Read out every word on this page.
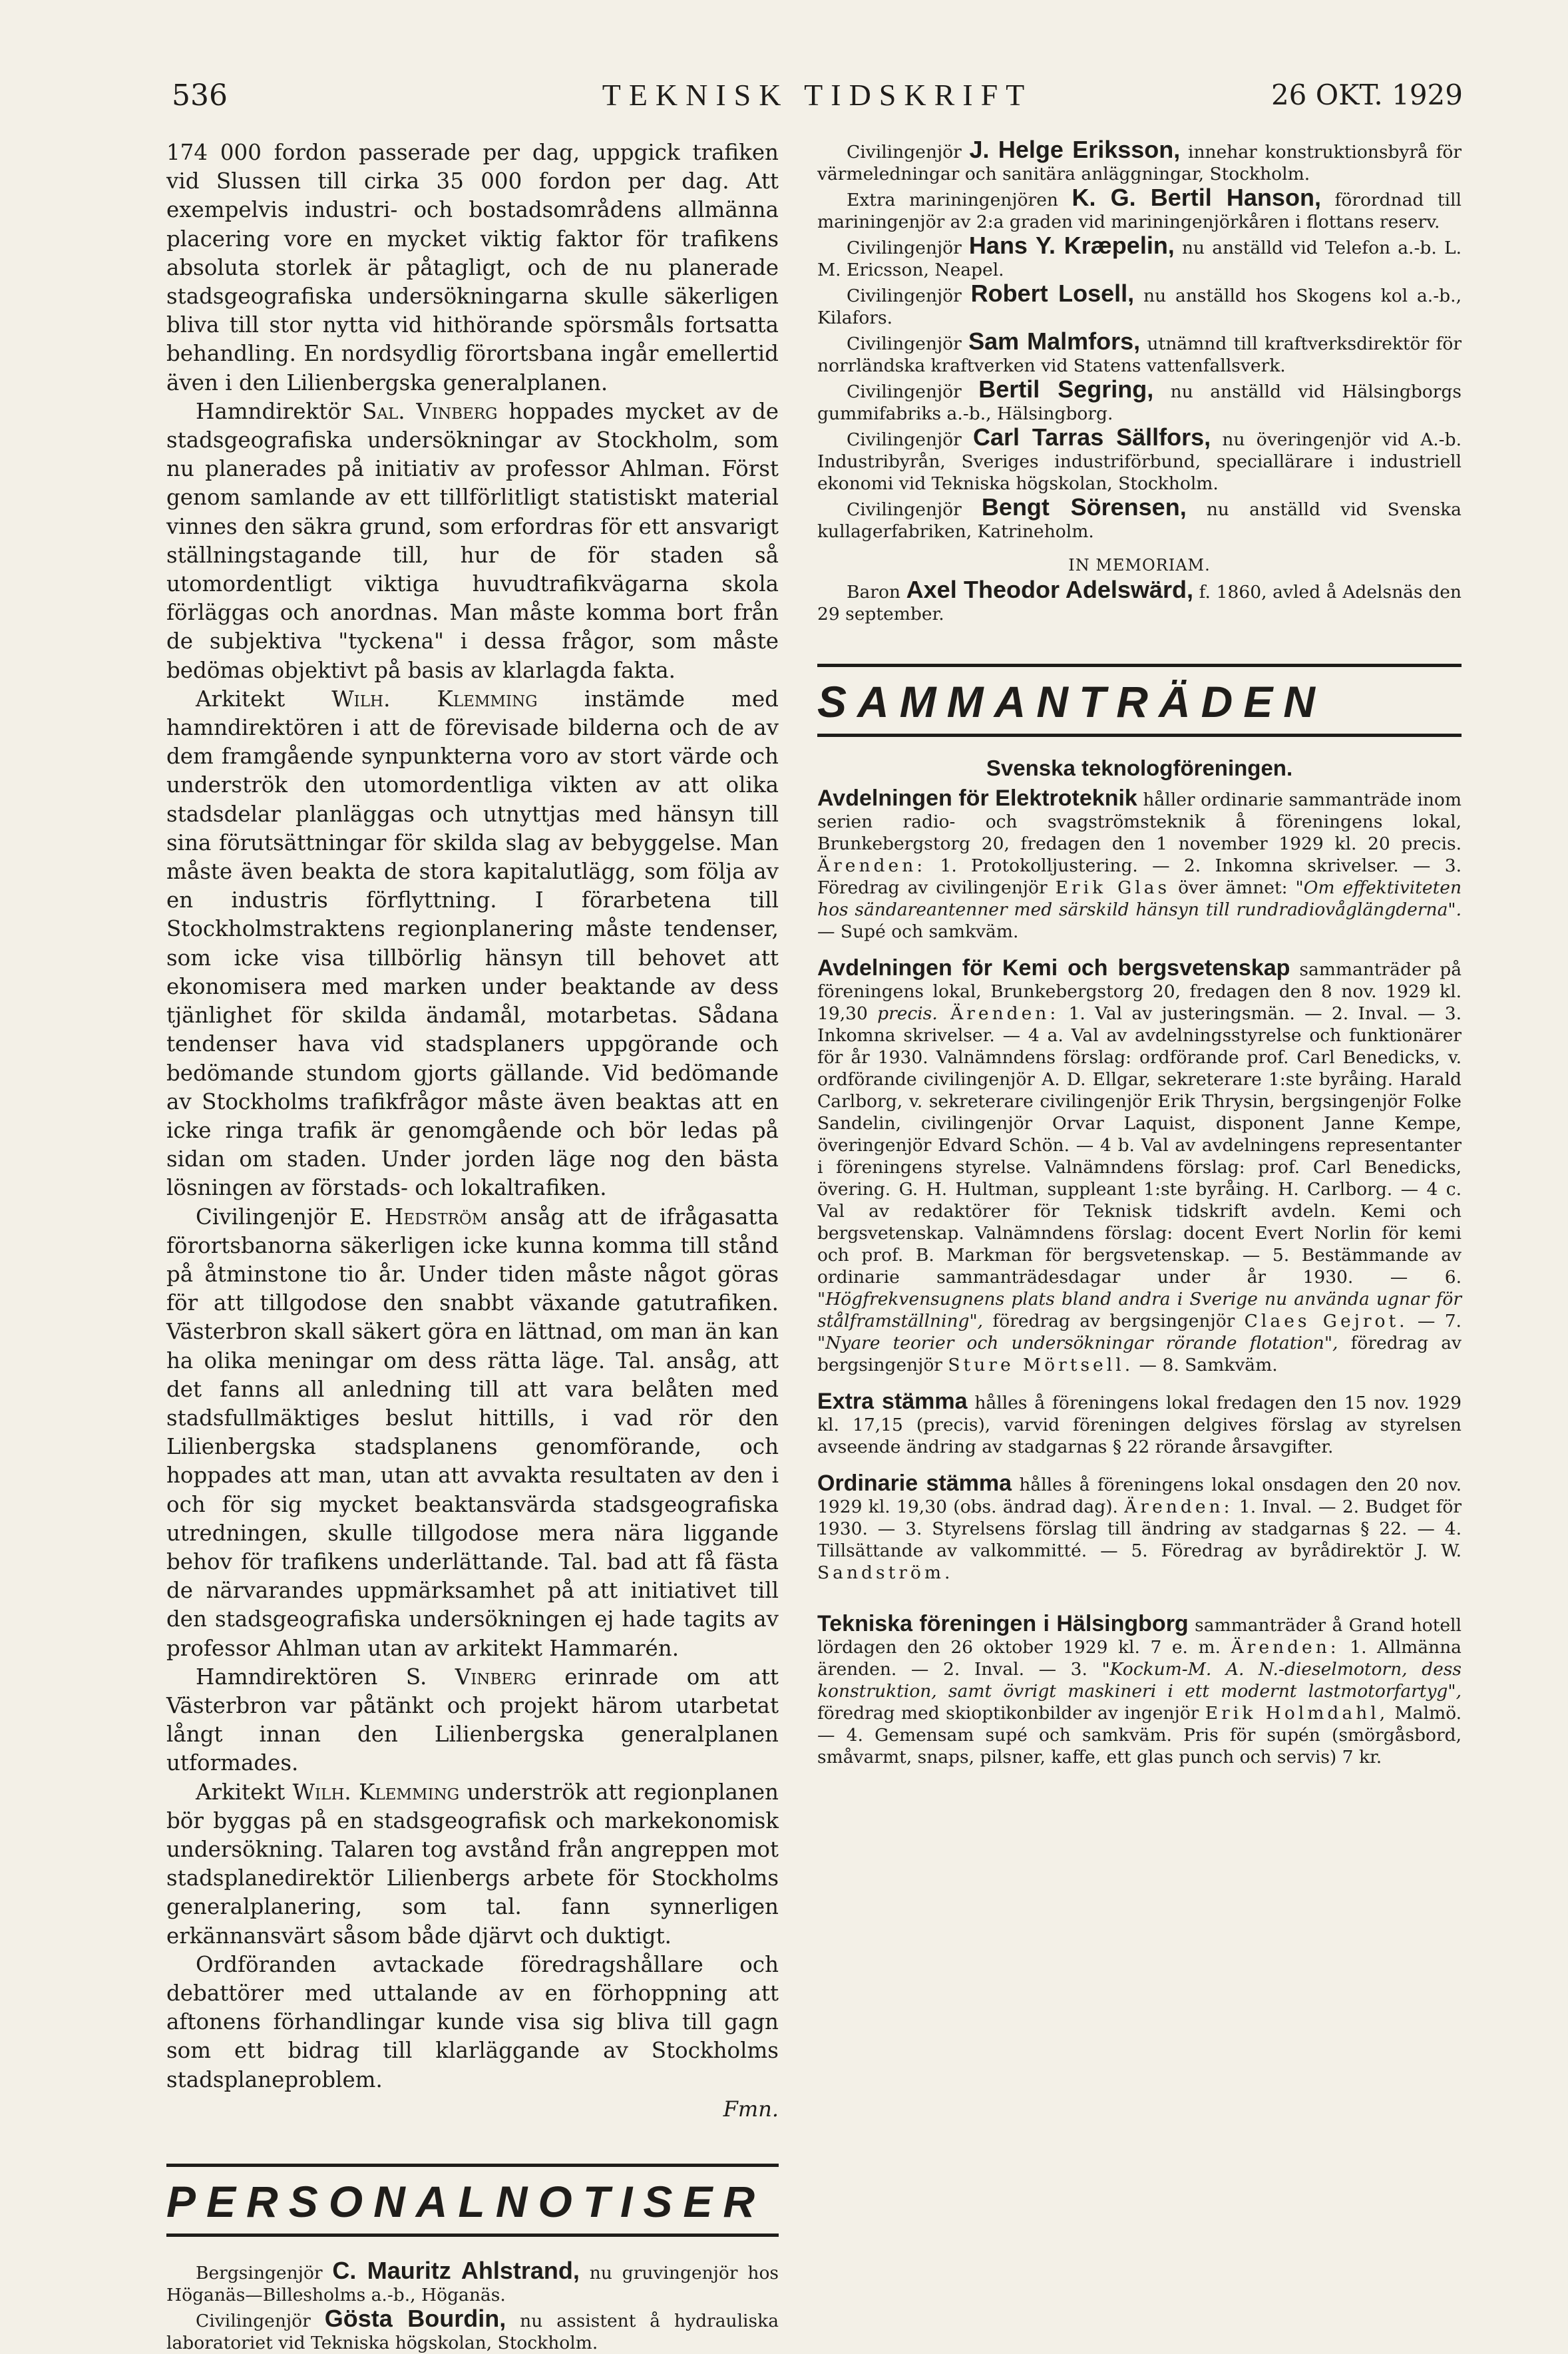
536	TEKNISK TIDSKRIFT	26 OKT. 1929

174 000 fordon passerade per dag, uppgick trafiken vid Slussen till cirka 35 000 fordon per dag. Att exempelvis industri- och bostadsområdens allmänna placering vore en mycket viktig faktor för trafikens absoluta storlek är påtagligt, och de nu planerade stadsgeografiska undersökningarna skulle säkerligen bliva till stor nytta vid hithörande spörsmåls fortsatta behandling. En nordsydlig förortsbana ingår emellertid även i den Lilienbergska generalplanen.

Hamndirektör Sal. Vinberg hoppades mycket av de stadsgeografiska undersökningar av Stockholm, som nu planerades på initiativ av professor Ahlman. Först genom samlande av ett tillförlitligt statistiskt material vinnes den säkra grund, som erfordras för ett ansvarigt ställningstagande till, hur de för staden så utomordentligt viktiga huvudtrafikvägarna skola förläggas och anordnas. Man måste komma bort från de subjektiva "tyckena" i dessa frågor, som måste bedömas objektivt på basis av klarlagda fakta.

Arkitekt Wilh. Klemming instämde med hamndirektören i att de förevisade bilderna och de av dem framgående synpunkterna voro av stort värde och underströk den utomordentliga vikten av att olika stadsdelar planläggas och utnyttjas med hänsyn till sina förutsättningar för skilda slag av bebyggelse. Man måste även beakta de stora kapitalutlägg, som följa av en industris förflyttning. I förarbetena till Stockholmstraktens regionplanering måste tendenser, som icke visa tillbörlig hänsyn till behovet att ekonomisera med marken under beaktande av dess tjänlighet för skilda ändamål, motarbetas. Sådana tendenser hava vid stadsplaners uppgörande och bedömande stundom gjorts gällande. Vid bedömande av Stockholms trafikfrågor måste även beaktas att en icke ringa trafik är genomgående och bör ledas på sidan om staden. Under jorden läge nog den bästa lösningen av förstads- och lokaltrafiken.

Civilingenjör E. Hedström ansåg att de ifrågasatta förortsbanorna säkerligen icke kunna komma till stånd på åtminstone tio år. Under tiden måste något göras för att tillgodose den snabbt växande gatutrafiken. Västerbron skall säkert göra en lättnad, om man än kan ha olika meningar om dess rätta läge. Tal. ansåg, att det fanns all anledning till att vara belåten med stadsfullmäktiges beslut hittills, i vad rör den Lilienbergska stadsplanens genomförande, och hoppades att man, utan att avvakta resultaten av den i och för sig mycket beaktansvärda stadsgeografiska utredningen, skulle tillgodose mera nära liggande behov för trafikens underlättande. Tal. bad att få fästa de närvarandes uppmärksamhet på att initiativet till den stadsgeografiska undersökningen ej hade tagits av professor Ahlman utan av arkitekt Hammarén.

Hamndirektören S. Vinberg erinrade om att Västerbron var påtänkt och projekt härom utarbetat långt innan den Lilienbergska generalplanen utformades.

Arkitekt Wilh. Klemming underströk att regionplanen bör byggas på en stadsgeografisk och markekonomisk undersökning. Talaren tog avstånd från angreppen mot stadsplanedirektör Lilienbergs arbete för Stockholms generalplanering, som tal. fann synnerligen erkännansvärt såsom både djärvt och duktigt.

Ordföranden avtackade föredragshållare och debattörer med uttalande av en förhoppning att aftonens förhandlingar kunde visa sig bliva till gagn som ett bidrag till klarläggande av Stockholms stadsplaneproblem.

Fmn.
PERSONALNOTISER

Bergsingenjör C. Mauritz Ahlstrand, nu gruvingenjör hos Höganäs—Billesholms a.-b., Höganäs.

Civilingenjör Gösta Bourdin, nu assistent å hydrauliska laboratoriet vid Tekniska högskolan, Stockholm.

Civilingenjör J. Helge Eriksson, innehar konstruktionsbyrå för värmeledningar och sanitära anläggningar, Stockholm.

Extra mariningenjören K. G. Bertil Hanson, förordnad till mariningenjör av 2:a graden vid mariningenjörkåren i flottans reserv.

Civilingenjör Hans Y. Kræpelin, nu anställd vid Telefon a.-b. L. M. Ericsson, Neapel.

Civilingenjör Robert Losell, nu anställd hos Skogens kol a.-b., Kilafors.

Civilingenjör Sam Malmfors, utnämnd till kraftverksdirektör för norrländska kraftverken vid Statens vattenfallsverk.

Civilingenjör Bertil Segring, nu anställd vid Hälsingborgs gummifabriks a.-b., Hälsingborg.

Civilingenjör Carl Tarras Sällfors, nu överingenjör vid A.-b. Industribyrån, Sveriges industriförbund, speciallärare i industriell ekonomi vid Tekniska högskolan, Stockholm.

Civilingenjör Bengt Sörensen, nu anställd vid Svenska kullagerfabriken, Katrineholm.

IN MEMORIAM.

Baron Axel Theodor Adelswärd, f. 1860, avled å Adelsnäs den 29 september.

SAMMANTRÄDEN
Svenska teknologföreningen.

Avdelningen för Elektroteknik håller ordinarie sammanträde inom serien radio- och svagströmsteknik å föreningens lokal, Brunkebergstorg 20, fredagen den 1 november 1929 kl. 20 precis. Ärenden: 1. Protokolljustering. — 2. Inkomna skrivelser. — 3. Föredrag av civilingenjör Erik Glas över ämnet: "Om effektiviteten hos sändareantenner med särskild hänsyn till rundradiovåglängderna". — Supé och samkväm.

Avdelningen för Kemi och bergsvetenskap sammanträder på föreningens lokal, Brunkebergstorg 20, fredagen den 8 nov. 1929 kl. 19,30 precis. Ärenden: 1. Val av justeringsmän. — 2. Inval. — 3. Inkomna skrivelser. — 4 a. Val av avdelningsstyrelse och funktionärer för år 1930. Valnämndens förslag: ordförande prof. Carl Benedicks, v. ordförande civilingenjör A. D. Ellgar, sekreterare 1:ste byråing. Harald Carlborg, v. sekreterare civilingenjör Erik Thrysin, bergsingenjör Folke Sandelin, civilingenjör Orvar Laquist, disponent Janne Kempe, överingenjör Edvard Schön. — 4 b. Val av avdelningens representanter i föreningens styrelse. Valnämndens förslag: prof. Carl Benedicks, övering. G. H. Hultman, suppleant 1:ste byråing. H. Carlborg. — 4 c. Val av redaktörer för Teknisk tidskrift avdeln. Kemi och bergsvetenskap. Valnämndens förslag: docent Evert Norlin för kemi och prof. B. Markman för bergsvetenskap. — 5. Bestämmande av ordinarie sammanträdesdagar under år 1930. — 6. "Högfrekvensugnens plats bland andra i Sverige nu använda ugnar för stålframställning", föredrag av bergsingenjör Claes Gejrot. — 7. "Nyare teorier och undersökningar rörande flotation", föredrag av bergsingenjör Sture Mörtsell. — 8. Samkväm.

Extra stämma hålles å föreningens lokal fredagen den 15 nov. 1929 kl. 17,15 (precis), varvid föreningen delgives förslag av styrelsen avseende ändring av stadgarnas § 22 rörande årsavgifter.

Ordinarie stämma hålles å föreningens lokal onsdagen den 20 nov. 1929 kl. 19,30 (obs. ändrad dag). Ärenden: 1. Inval. — 2. Budget för 1930. — 3. Styrelsens förslag till ändring av stadgarnas § 22. — 4. Tillsättande av valkommitté. — 5. Föredrag av byrådirektör J. W. Sandström.

Tekniska föreningen i Hälsingborg sammanträder å Grand hotell lördagen den 26 oktober 1929 kl. 7 e. m. Ärenden: 1. Allmänna ärenden. — 2. Inval. — 3. "Kockum-M. A. N.-dieselmotorn, dess konstruktion, samt övrigt maskineri i ett modernt lastmotorfartyg", föredrag med skioptikonbilder av ingenjör Erik Holmdahl, Malmö. — 4. Gemensam supé och samkväm. Pris för supén (smörgåsbord, småvarmt, snaps, pilsner, kaffe, ett glas punch och servis) 7 kr.
